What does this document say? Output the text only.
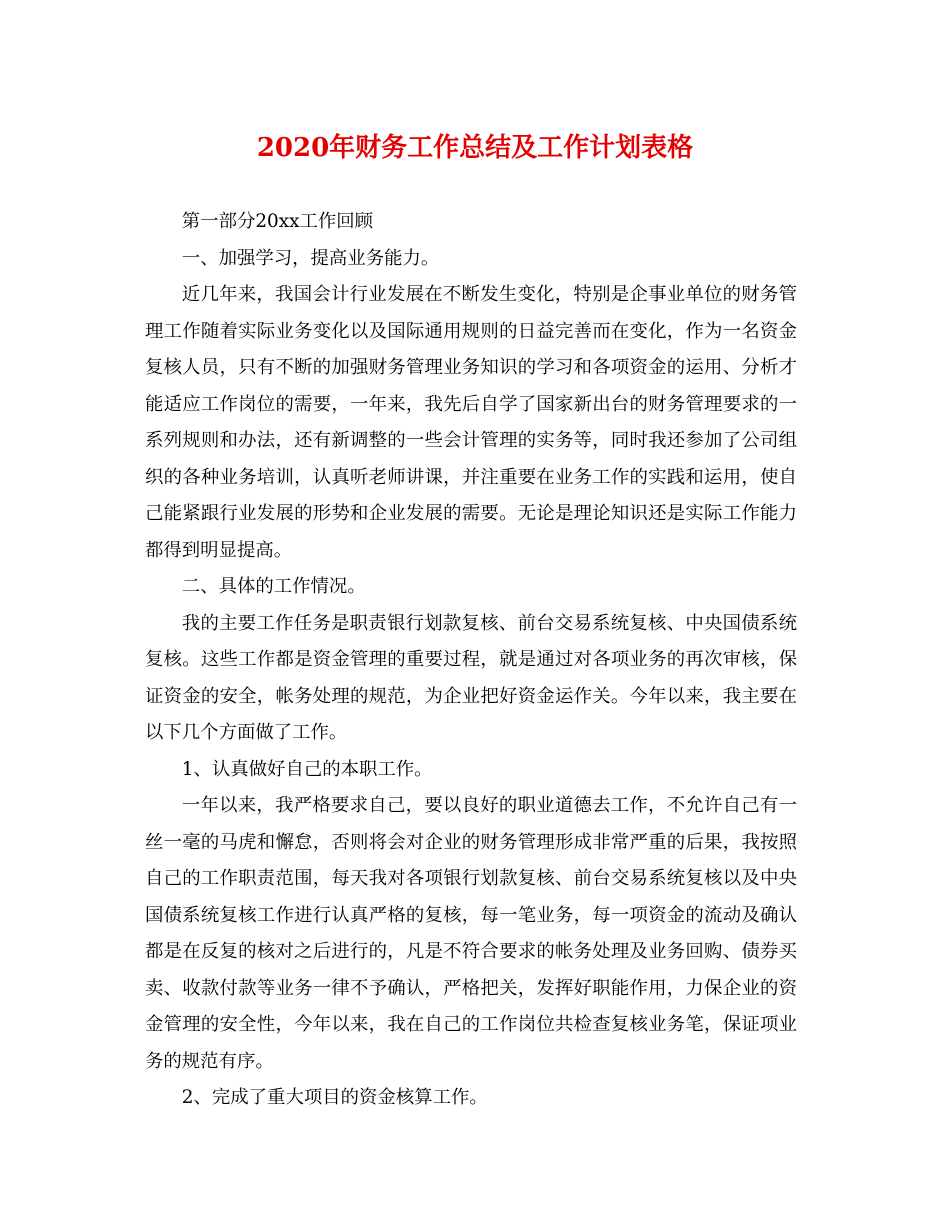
2020年财务工作总结及工作计划表格

第一部分20xx工作回顾

一、加强学习，提高业务能力。

近几年来，我国会计行业发展在不断发生变化，特别是企事业单位的财务管理工作随着实际业务变化以及国际通用规则的日益完善而在变化，作为一名资金复核人员，只有不断的加强财务管理业务知识的学习和各项资金的运用、分析才能适应工作岗位的需要，一年来，我先后自学了国家新出台的财务管理要求的一系列规则和办法，还有新调整的一些会计管理的实务等，同时我还参加了公司组织的各种业务培训，认真听老师讲课，并注重要在业务工作的实践和运用，使自己能紧跟行业发展的形势和企业发展的需要。无论是理论知识还是实际工作能力都得到明显提高。

二、具体的工作情况。

我的主要工作任务是职责银行划款复核、前台交易系统复核、中央国债系统复核。这些工作都是资金管理的重要过程，就是通过对各项业务的再次审核，保证资金的安全，帐务处理的规范，为企业把好资金运作关。今年以来，我主要在以下几个方面做了工作。

1、认真做好自己的本职工作。

一年以来，我严格要求自己，要以良好的职业道德去工作，不允许自己有一丝一毫的马虎和懈怠，否则将会对企业的财务管理形成非常严重的后果，我按照自己的工作职责范围，每天我对各项银行划款复核、前台交易系统复核以及中央国债系统复核工作进行认真严格的复核，每一笔业务，每一项资金的流动及确认都是在反复的核对之后进行的，凡是不符合要求的帐务处理及业务回购、债券买卖、收款付款等业务一律不予确认，严格把关，发挥好职能作用，力保企业的资金管理的安全性，今年以来，我在自己的工作岗位共检查复核业务笔，保证项业务的规范有序。

2、完成了重大项目的资金核算工作。
